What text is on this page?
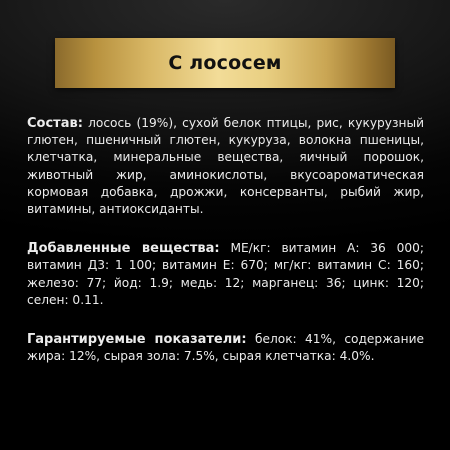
С лососем

Состав: лосось (19%), сухой белок птицы, рис, кукурузный глютен, пшеничный глютен, кукуруза, волокна пшеницы, клетчатка, минеральные вещества, яичный порошок, животный жир, аминокислоты, вкусоароматическая кормовая добавка, дрожжи, консерванты, рыбий жир, витамины, антиоксиданты.

Добавленные вещества: МЕ/кг: витамин А: 36 000; витамин Д3: 1 100; витамин Е: 670; мг/кг: витамин С: 160; железо: 77; йод: 1.9; медь: 12; марганец: 36; цинк: 120; селен: 0.11.

Гарантируемые показатели: белок: 41%, содержание жира: 12%, сырая зола: 7.5%, сырая клетчатка: 4.0%.
